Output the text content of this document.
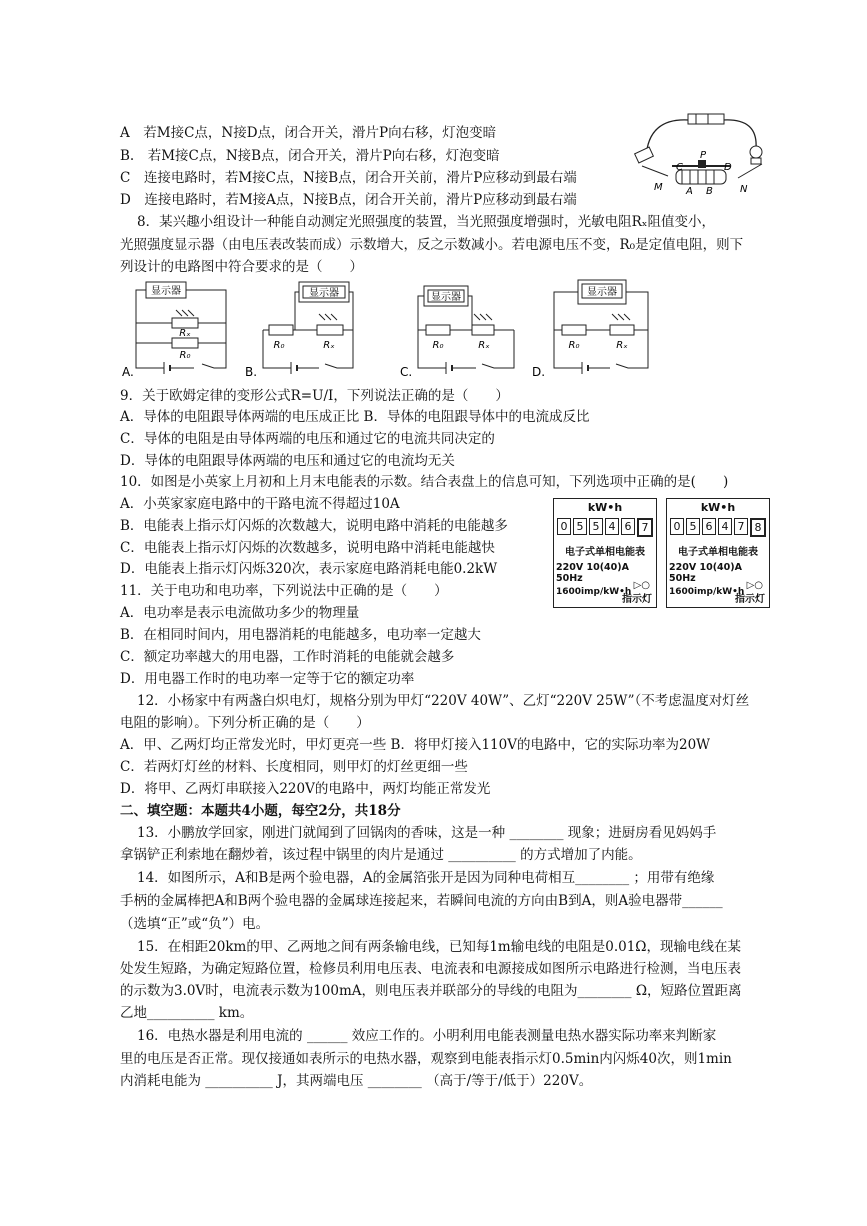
A　若M接C点，N接D点，闭合开关，滑片P向右移，灯泡变暗
B.　若M接C点，N接B点，闭合开关，滑片P向右移，灯泡变暗
C　连接电路时，若M接C点，N接B点，闭合开关前，滑片P应移动到最右端
D　连接电路时，若M接A点，N接B点，闭合开关前，滑片P应移动到最右端
C
P
D
A B
M	N
8．某兴趣小组设计一种能自动测定光照强度的装置，当光照强度增强时，光敏电阻Rₓ阻值变小，
光照强度显示器（由电压表改装而成）示数增大，反之示数减小。若电源电压不变，R₀是定值电阻，则下
列设计的电路图中符合要求的是（　　）
显示器
Rₓ
R₀
A.
显示器
R₀	Rₓ
B.
显示器
R₀	Rₓ
C.
显示器
R₀	Rₓ
D.
9．关于欧姆定律的变形公式R=U/I，下列说法正确的是（　　）
A．导体的电阻跟导体两端的电压成正比 B．导体的电阻跟导体中的电流成反比
C．导体的电阻是由导体两端的电压和通过它的电流共同决定的
D．导体的电阻跟导体两端的电压和通过它的电流均无关
10．如图是小英家上月初和上月末电能表的示数。结合表盘上的信息可知，下列选项中正确的是(　　)
A．小英家家庭电路中的干路电流不得超过10A
B．电能表上指示灯闪烁的次数越大，说明电路中消耗的电能越多
C．电能表上指示灯闪烁的次数越多，说明电路中消耗电能越快
D．电能表上指示灯闪烁320次，表示家庭电路消耗电能0.2kW
kW•h
0 5 5 4 6 7
电子式单相电能表
220V 10(40)A 50Hz
1600imp/kW•h
▷○
指示灯
kW•h
0 5 6 4 7 8
电子式单相电能表
220V 10(40)A 50Hz
1600imp/kW•h
▷○
指示灯
11．关于电功和电功率，下列说法中正确的是（　　）
A．电功率是表示电流做功多少的物理量
B．在相同时间内，用电器消耗的电能越多，电功率一定越大
C．额定功率越大的用电器，工作时消耗的电能就会越多
D．用电器工作时的电功率一定等于它的额定功率
12．小杨家中有两盏白炽电灯，规格分别为甲灯“220V 40W”、乙灯“220V 25W”（不考虑温度对灯丝
电阻的影响）。下列分析正确的是（　　）
A．甲、乙两灯均正常发光时，甲灯更亮一些 B．将甲灯接入110V的电路中，它的实际功率为20W
C．若两灯灯丝的材料、长度相同，则甲灯的灯丝更细一些
D．将甲、乙两灯串联接入220V的电路中，两灯均能正常发光
二、填空题：本题共4小题，每空2分，共18分
13．小鹏放学回家，刚进门就闻到了回锅肉的香味，这是一种 ________ 现象；进厨房看见妈妈手
拿锅铲正利索地在翻炒着，该过程中锅里的肉片是通过 __________ 的方式增加了内能。
14．如图所示，A和B是两个验电器，A的金属箔张开是因为同种电荷相互________ ；用带有绝缘
手柄的金属棒把A和B两个验电器的金属球连接起来，若瞬间电流的方向由B到A，则A验电器带______
（选填“正”或“负”）电。
15．在相距20km的甲、乙两地之间有两条输电线，已知每1m输电线的电阻是0.01Ω，现输电线在某
处发生短路，为确定短路位置，检修员利用电压表、电流表和电源接成如图所示电路进行检测，当电压表
的示数为3.0V时，电流表示数为100mA，则电压表并联部分的导线的电阻为________ Ω，短路位置距离
乙地__________ km。
16．电热水器是利用电流的 ______ 效应工作的。小明利用电能表测量电热水器实际功率来判断家
里的电压是否正常。现仅接通如表所示的电热水器，观察到电能表指示灯0.5min内闪烁40次，则1min
内消耗电能为 __________ J，其两端电压 ________ （高于/等于/低于）220V。
